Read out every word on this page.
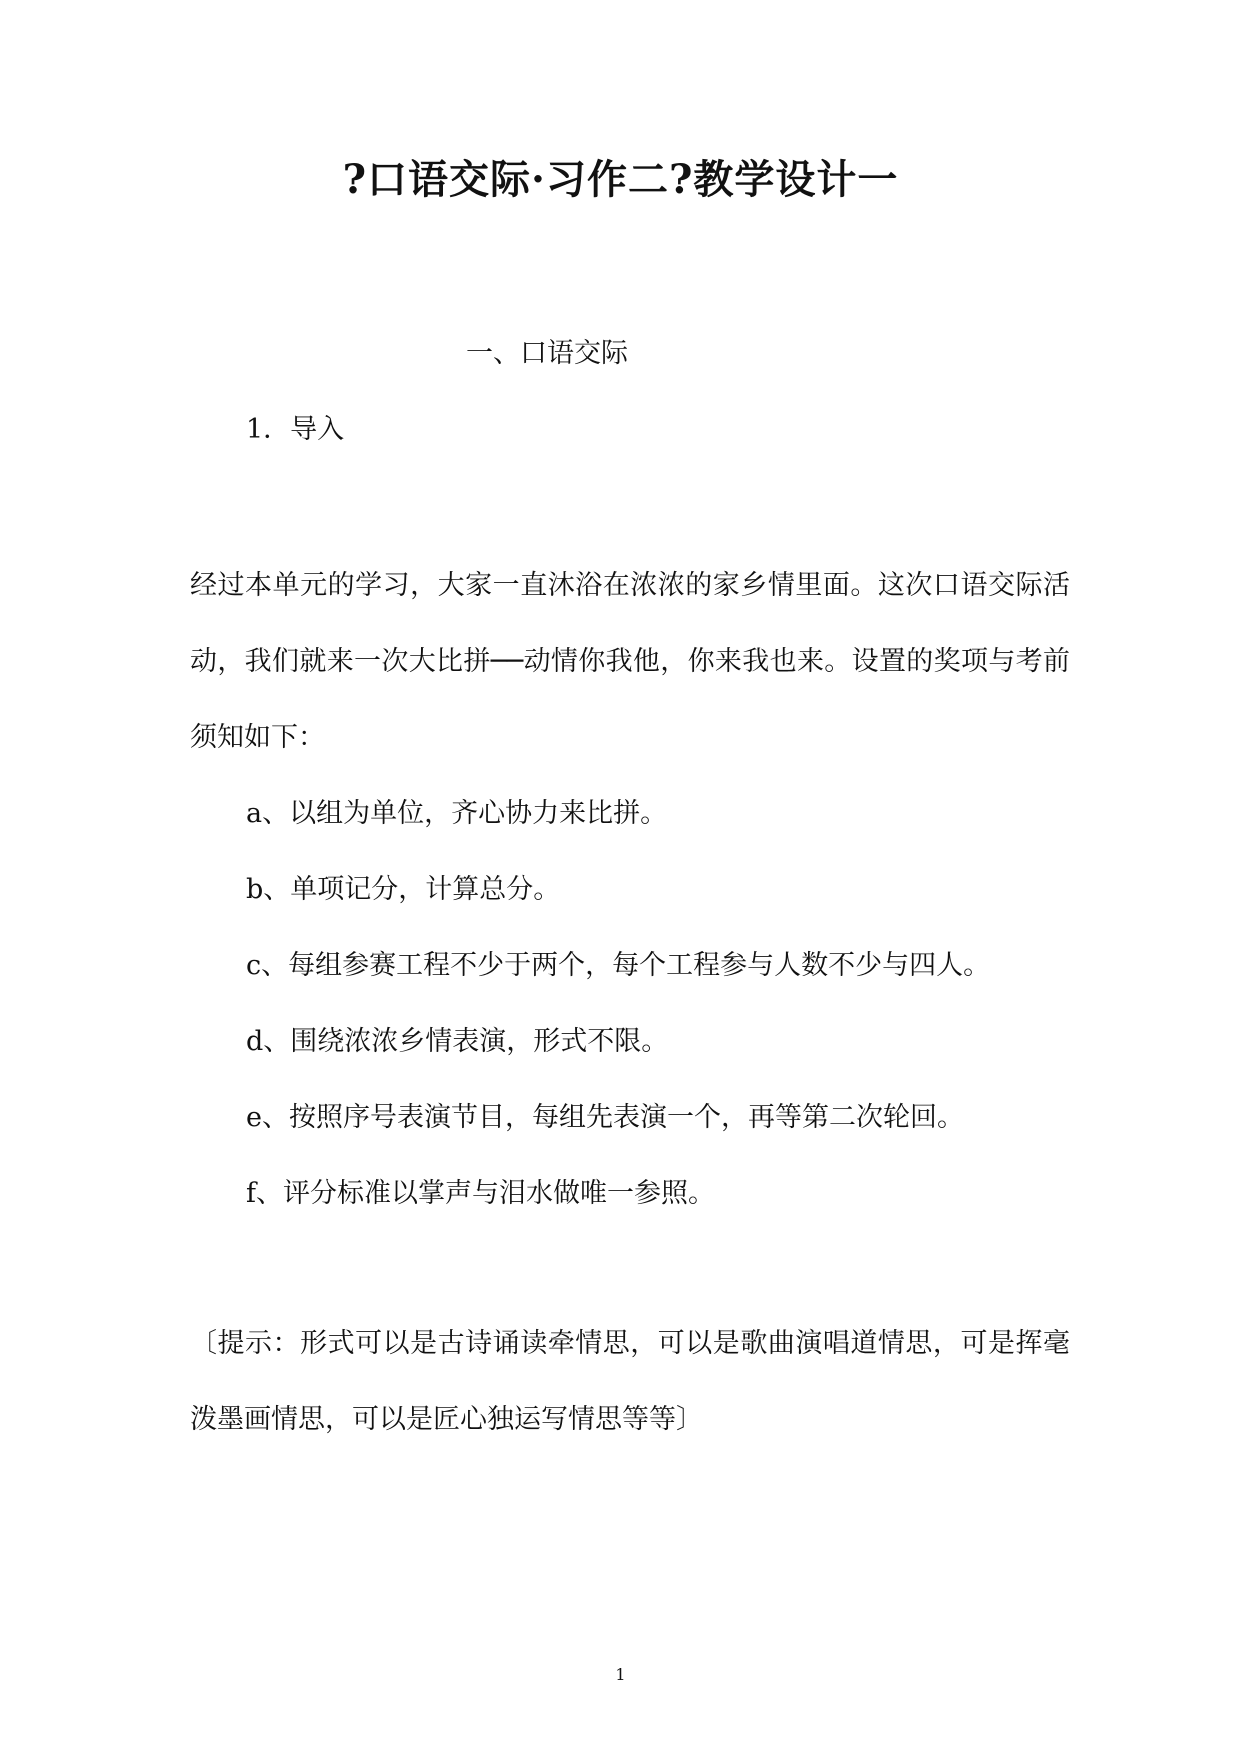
?口语交际·习作二?教学设计一
一、口语交际
1．导入
经过本单元的学习，大家一直沐浴在浓浓的家乡情里面。这次口语交际活动，我们就来一次大比拼──动情你我他，你来我也来。设置的奖项与考前须知如下：
a、以组为单位，齐心协力来比拼。
b、单项记分，计算总分。
c、每组参赛工程不少于两个，每个工程参与人数不少与四人。
d、围绕浓浓乡情表演，形式不限。
e、按照序号表演节目，每组先表演一个，再等第二次轮回。
f、评分标准以掌声与泪水做唯一参照。
〔提示：形式可以是古诗诵读牵情思，可以是歌曲演唱道情思，可是挥毫泼墨画情思，可以是匠心独运写情思等等〕
1
